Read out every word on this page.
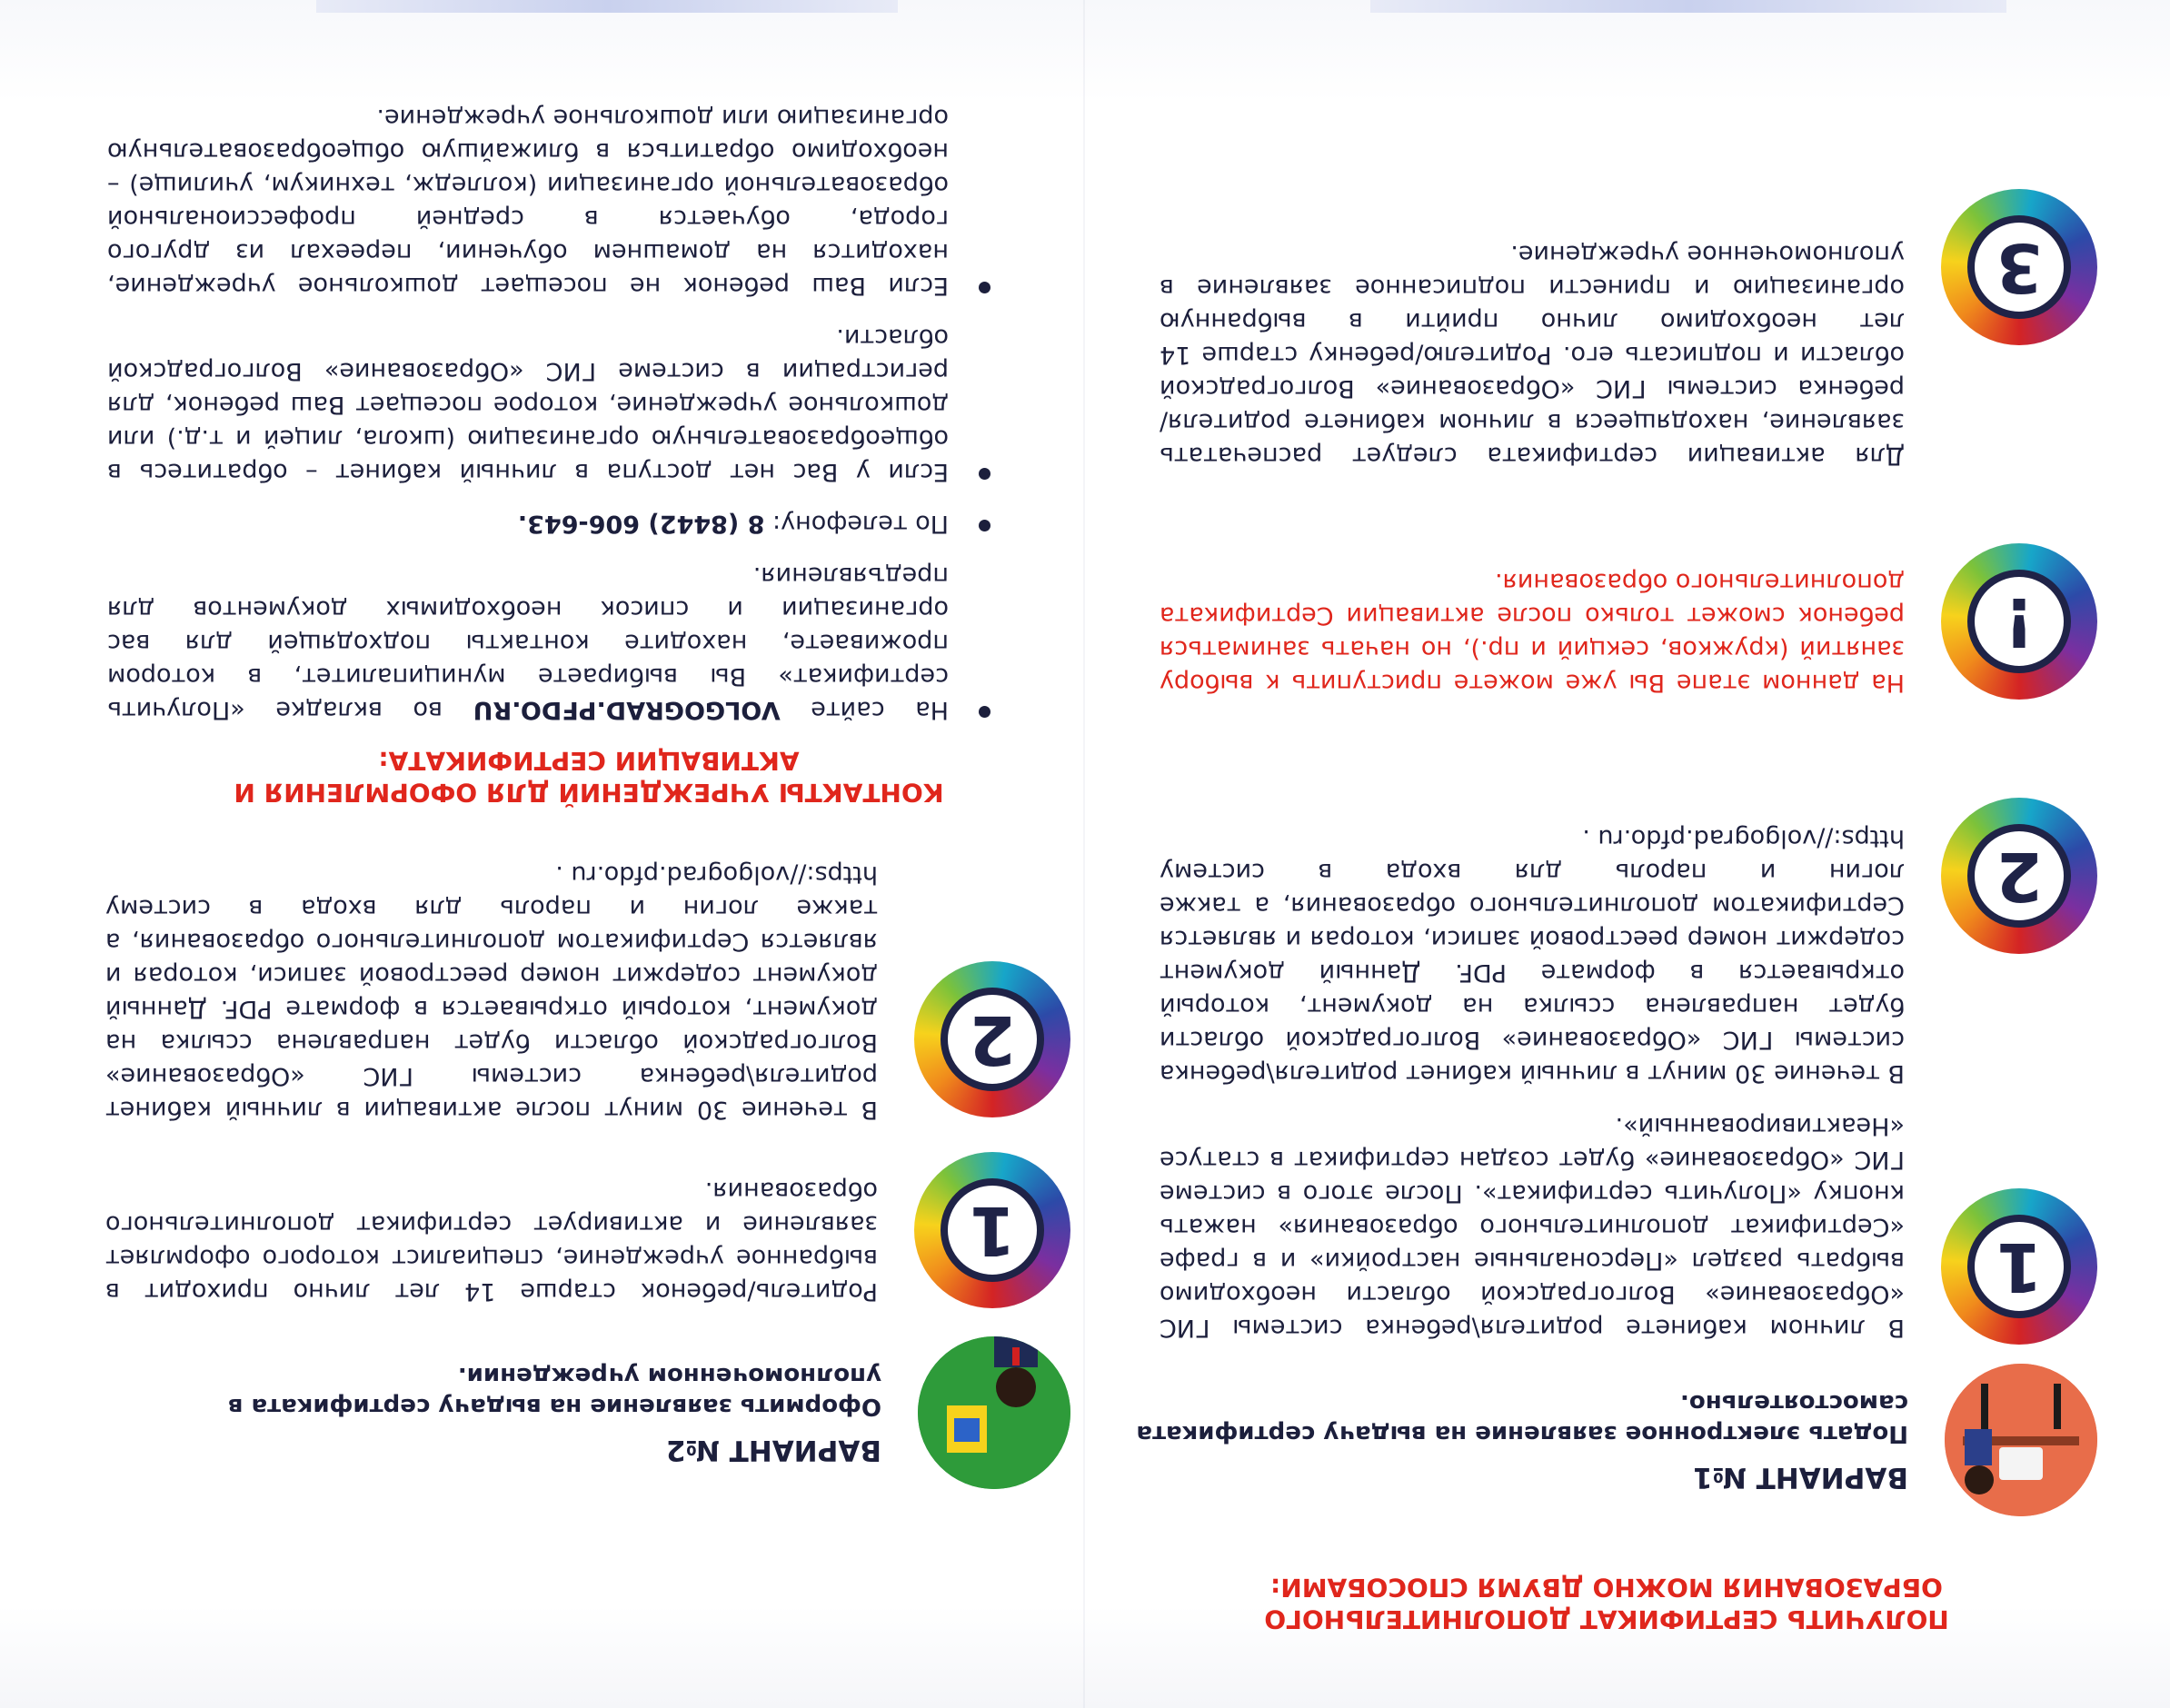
ПОЛУЧИТЬ СЕРТИФИКАТ ДОПОЛНИТЕЛЬНОГО ОБРАЗОВАНИЯ МОЖНО ДВУМЯ СПОСОБАМИ:

ВАРИАНТ №1

Подать электронное заявление на выдачу сертификата самостоятельно.

1

В личном кабинете родителя\ребенка системы ГИС «Образование» Волгоградской области необходимо выбрать раздел «Персональные настройки» и в графе «Сертификат дополнительного образования» нажать кнопку «Получить сертификат». После этого в системе ГИС «Образование» будет создан сертификат в статусе «Неактивированный».

2

В течение 30 минут в личный кабинет родителя\ребенка системы ГИС «Образование» Волгоградской области будет направлена ссылка на документ, который открывается в формате PDF. Данный документ содержит номер реестровой записи, которая и является Сертификатом дополнительного образования, а также логин и пароль для входа в систему https://volgograd.pfdo.ru .

!

На данном этапе Вы уже можете приступить к выбору занятий (кружков, секций и пр.), но начать заниматься ребенок сможет только после активации Сертификата дополнительного образования.

3

Для активации сертификата следует распечатать заявление, находящееся в личном кабинете родителя/ребенка системы ГИС «Образование» Волгоградской области и подписать его. Родителю/ребенку старше 14 лет необходимо лично прийти в выбранную организацию и принести подписанное заявление в уполномоченное учреждение.

ВАРИАНТ №2

Оформить заявление на выдачу сертификата в уполномоченном учреждении.

1

Родитель/ребенок старше 14 лет лично приходит в выбранное учреждение, специалист которого оформляет заявление и активирует сертификат дополнительного образования.

2

В течение 30 минут после активации в личный кабинет родителя\ребенка системы ГИС «Образование» Волгоградской области будет направлена ссылка на документ, который открывается в формате PDF. Данный документ содержит номер реестровой записи, которая и является Сертификатом дополнительного образования, а также логин и пароль для входа в систему https://volgograd.pfdo.ru .

КОНТАКТЫ УЧРЕЖДЕНИЙ ДЛЯ ОФОРМЛЕНИЯ И АКТИВАЦИИ СЕРТИФИКАТА:

На сайте VOLGOGRAD.PFDO.RU во вкладке «Получить сертификат» Вы выбираете муниципалитет, в котором проживаете, находите контакты подходящей для вас организации и список необходимых документов для предъявления.
По телефону: 8 (8442) 606-643.
Если у Вас нет доступа в личный кабинет – обратитесь в общеобразовательную организацию (школа, лицей и т.д.) или дошкольное учреждение, которое посещает Ваш ребенок, для регистрации в системе ГИС «Образование» Волгоградской области.
Если Ваш ребенок не посещает дошкольное учреждение, находится на домашнем обучении, переехал из другого города, обучается в средней профессиональной образовательной организации (колледж, техникум, училище) – необходимо обратиться в ближайшую общеобразовательную организацию или дошкольное учреждение.
